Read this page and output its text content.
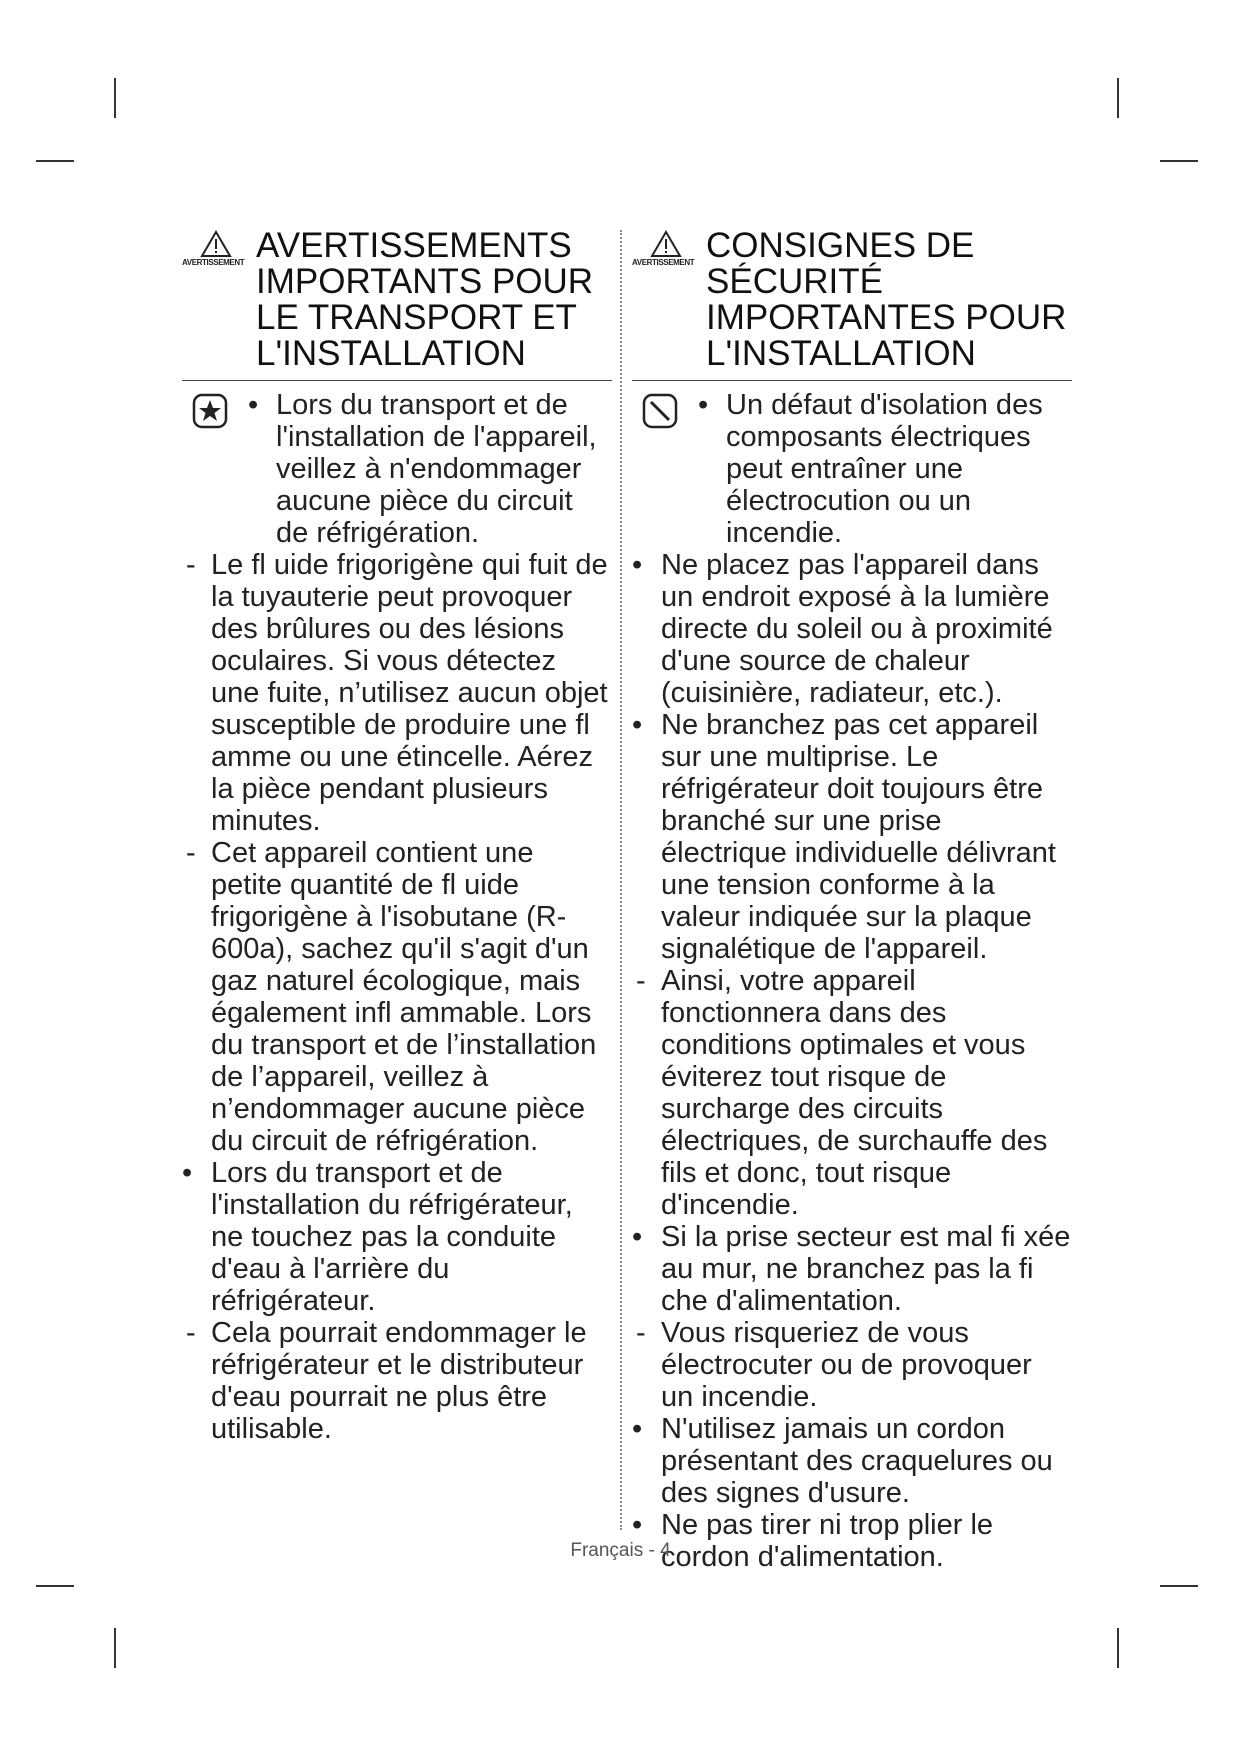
AVERTISSEMENT AVERTISSEMENTS IMPORTANTS POUR LE TRANSPORT ET L'INSTALLATION
• Lors du transport et de l'installation de l'appareil, veillez à n'endommager aucune pièce du circuit de réfrigération.
- Le fl uide frigorigène qui fuit de la tuyauterie peut provoquer des brûlures ou des lésions oculaires. Si vous détectez une fuite, n’utilisez aucun objet susceptible de produire une fl amme ou une étincelle. Aérez la pièce pendant plusieurs minutes.
- Cet appareil contient une petite quantité de fl uide frigorigène à l'isobutane (R-600a), sachez qu'il s'agit d'un gaz naturel écologique, mais également infl ammable. Lors du transport et de l’installation de l’appareil, veillez à n’endommager aucune pièce du circuit de réfrigération.
• Lors du transport et de l'installation du réfrigérateur, ne touchez pas la conduite d'eau à l'arrière du réfrigérateur.
- Cela pourrait endommager le réfrigérateur et le distributeur d'eau pourrait ne plus être utilisable.
AVERTISSEMENT CONSIGNES DE SÉCURITÉ IMPORTANTES POUR L'INSTALLATION
• Un défaut d'isolation des composants électriques peut entraîner une électrocution ou un incendie.
• Ne placez pas l'appareil dans un endroit exposé à la lumière directe du soleil ou à proximité d'une source de chaleur (cuisinière, radiateur, etc.).
• Ne branchez pas cet appareil sur une multiprise. Le réfrigérateur doit toujours être branché sur une prise électrique individuelle délivrant une tension conforme à la valeur indiquée sur la plaque signalétique de l'appareil.
- Ainsi, votre appareil fonctionnera dans des conditions optimales et vous éviterez tout risque de surcharge des circuits électriques, de surchauffe des fils et donc, tout risque d'incendie.
• Si la prise secteur est mal fi xée au mur, ne branchez pas la fi che d'alimentation.
- Vous risqueriez de vous électrocuter ou de provoquer un incendie.
• N'utilisez jamais un cordon présentant des craquelures ou des signes d'usure.
• Ne pas tirer ni trop plier le cordon d'alimentation.
Français - 4
